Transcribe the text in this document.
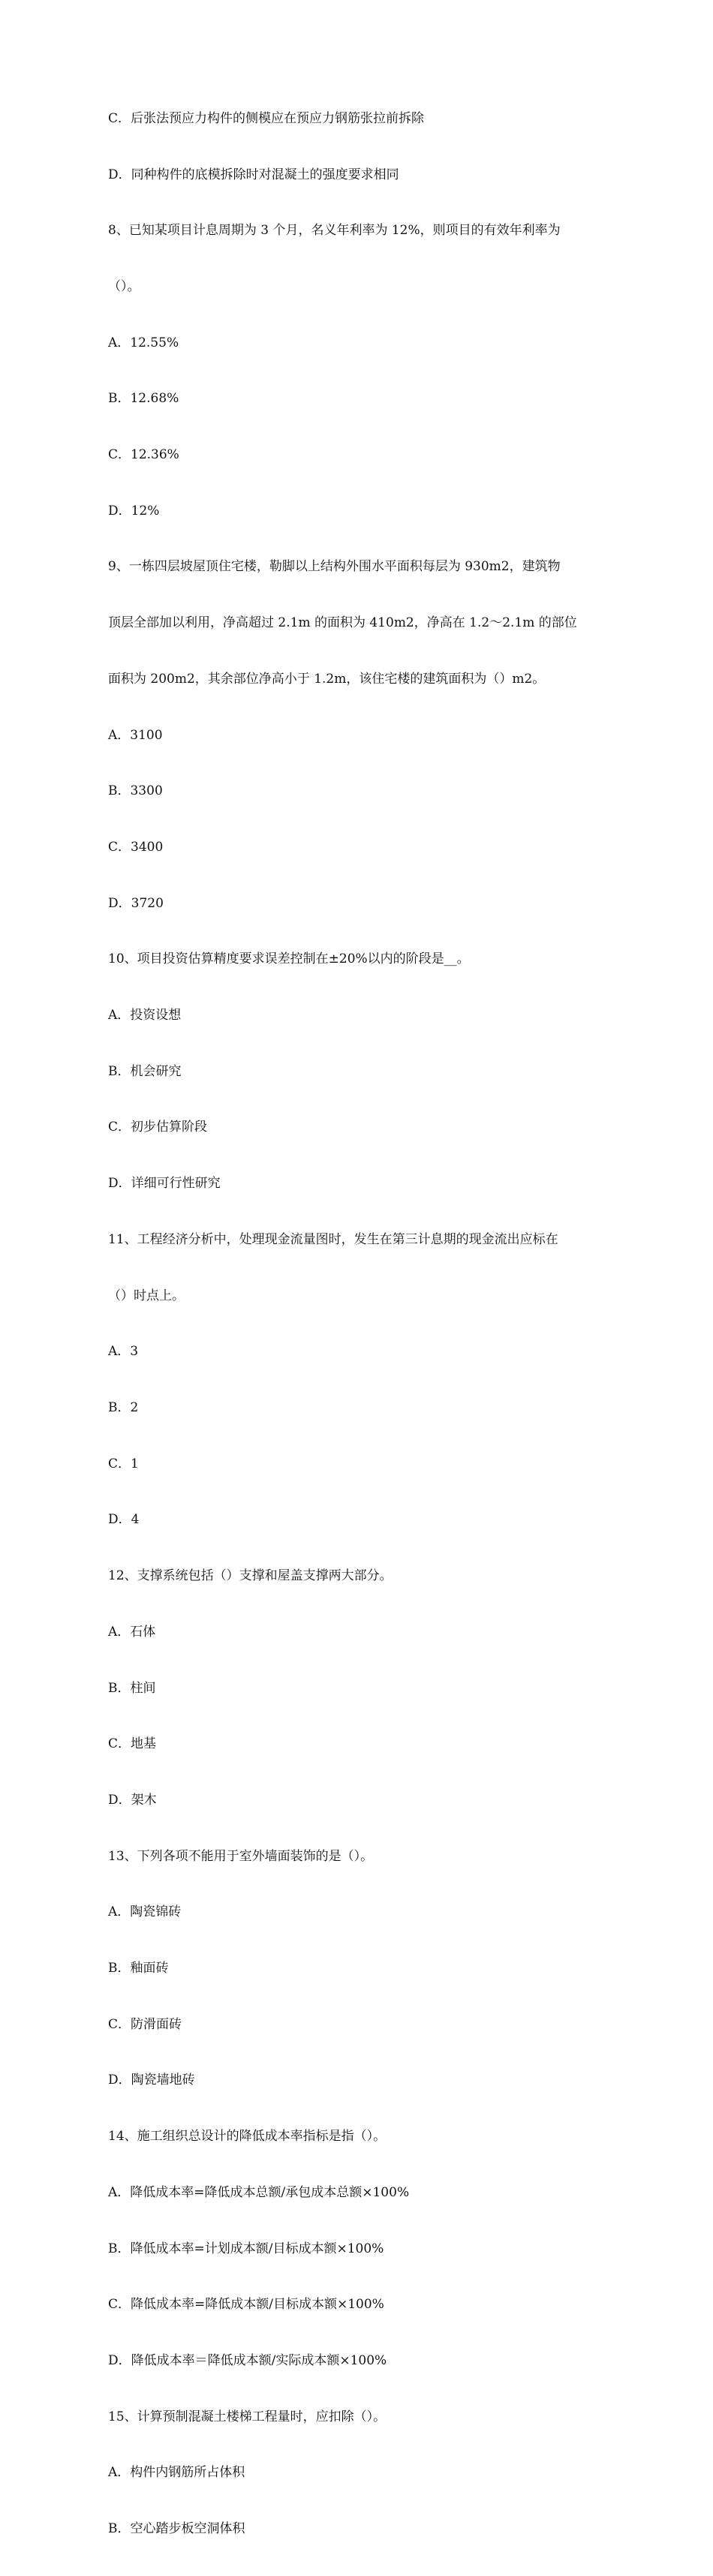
C．后张法预应力构件的侧模应在预应力钢筋张拉前拆除

D．同种构件的底模拆除时对混凝土的强度要求相同

8、已知某项目计息周期为 3 个月，名义年利率为 12%，则项目的有效年利率为

（）。

A．12.55%

B．12.68%

C．12.36%

D．12%

9、一栋四层坡屋顶住宅楼，勒脚以上结构外围水平面积每层为 930m2，建筑物

顶层全部加以利用，净高超过 2.1m 的面积为 410m2，净高在 1.2～2.1m 的部位

面积为 200m2，其余部位净高小于 1.2m，该住宅楼的建筑面积为（）m2。

A．3100

B．3300

C．3400

D．3720

10、项目投资估算精度要求误差控制在±20%以内的阶段是__。

A．投资设想

B．机会研究

C．初步估算阶段

D．详细可行性研究

11、工程经济分析中，处理现金流量图时，发生在第三计息期的现金流出应标在

（）时点上。

A．3

B．2

C．1

D．4

12、支撑系统包括（）支撑和屋盖支撑两大部分。

A．石体

B．柱间

C．地基

D．架木

13、下列各项不能用于室外墙面装饰的是（）。

A．陶瓷锦砖

B．釉面砖

C．防滑面砖

D．陶瓷墙地砖

14、施工组织总设计的降低成本率指标是指（）。

A．降低成本率=降低成本总额/承包成本总额×100%

B．降低成本率=计划成本额/目标成本额×100%

C．降低成本率=降低成本额/目标成本额×100%

D．降低成本率＝降低成本额/实际成本额×100%

15、计算预制混凝土楼梯工程量时，应扣除（）。

A．构件内钢筋所占体积

B．空心踏步板空洞体积
